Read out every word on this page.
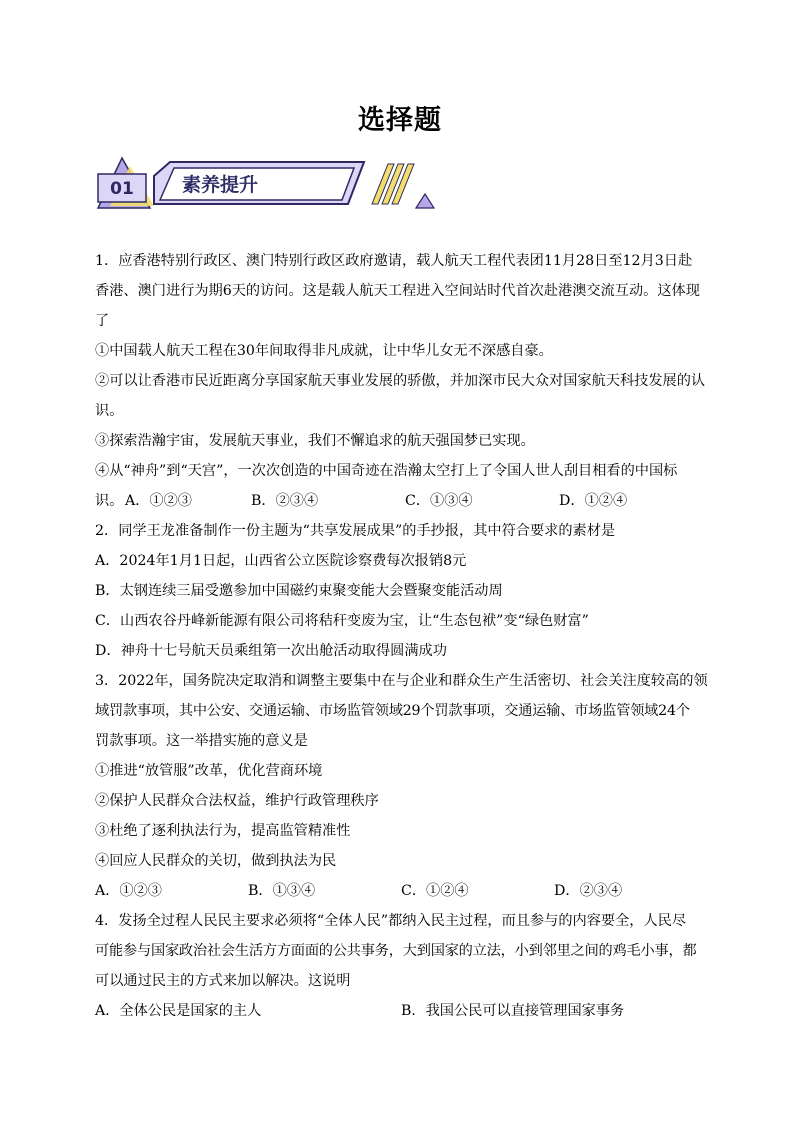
选择题
01	素养提升
1．应香港特别行政区、澳门特别行政区政府邀请，载人航天工程代表团11月28日至12月3日赴
香港、澳门进行为期6天的访问。这是载人航天工程进入空间站时代首次赴港澳交流互动。这体现
了
①中国载人航天工程在30年间取得非凡成就，让中华儿女无不深感自豪。
②可以让香港市民近距离分享国家航天事业发展的骄傲，并加深市民大众对国家航天科技发展的认
识。
③探索浩瀚宇宙，发展航天事业，我们不懈追求的航天强国梦已实现。
④从“神舟”到“天宫”，一次次创造的中国奇迹在浩瀚太空打上了令国人世人刮目相看的中国标
识。 A．①②③	B．②③④	C．①③④	D．①②④
2．同学王龙准备制作一份主题为“共享发展成果”的手抄报，其中符合要求的素材是
A．2024年1月1日起，山西省公立医院诊察费每次报销8元
B．太钢连续三届受邀参加中国磁约束聚变能大会暨聚变能活动周
C．山西农谷丹峰新能源有限公司将秸秆变废为宝，让“生态包袱”变“绿色财富”
D．神舟十七号航天员乘组第一次出舱活动取得圆满成功
3．2022年，国务院决定取消和调整主要集中在与企业和群众生产生活密切、社会关注度较高的领
域罚款事项，其中公安、交通运输、市场监管领域29个罚款事项，交通运输、市场监管领域24个
罚款事项。这一举措实施的意义是
①推进“放管服”改革，优化营商环境
②保护人民群众合法权益，维护行政管理秩序
③杜绝了逐利执法行为，提高监管精准性
④回应人民群众的关切，做到执法为民
A．①②③	B．①③④	C．①②④	D．②③④
4．发扬全过程人民民主要求必须将“全体人民”都纳入民主过程，而且参与的内容要全，人民尽
可能参与国家政治社会生活方方面面的公共事务，大到国家的立法，小到邻里之间的鸡毛小事，都
可以通过民主的方式来加以解决。这说明
A．全体公民是国家的主人	B．我国公民可以直接管理国家事务
